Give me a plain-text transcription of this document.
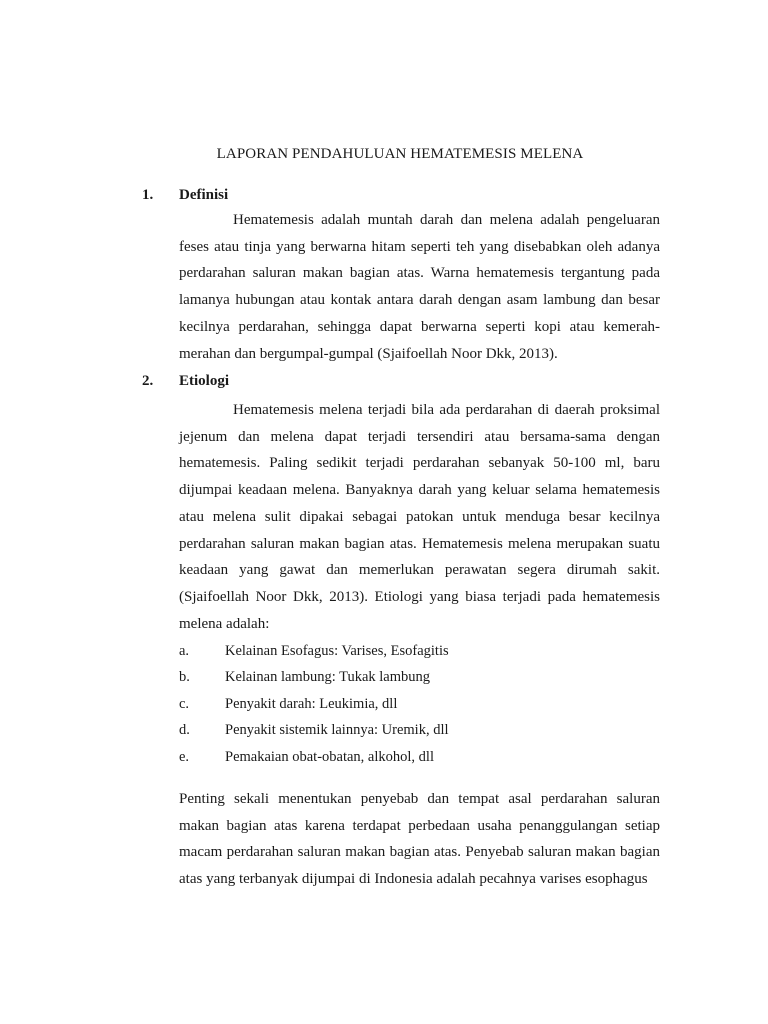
LAPORAN PENDAHULUAN HEMATEMESIS MELENA
1. Definisi
Hematemesis adalah muntah darah dan melena adalah pengeluaran feses atau tinja yang berwarna hitam seperti teh yang disebabkan oleh adanya perdarahan saluran makan bagian atas. Warna hematemesis tergantung pada lamanya hubungan atau kontak antara darah dengan asam lambung dan besar kecilnya perdarahan, sehingga dapat berwarna seperti kopi atau kemerah-merahan dan bergumpal-gumpal (Sjaifoellah Noor Dkk, 2013).
2. Etiologi
Hematemesis melena terjadi bila ada perdarahan di daerah proksimal jejenum dan melena dapat terjadi tersendiri atau bersama-sama dengan hematemesis. Paling sedikit terjadi perdarahan sebanyak 50-100 ml, baru dijumpai keadaan melena. Banyaknya darah yang keluar selama hematemesis atau melena sulit dipakai sebagai patokan untuk menduga besar kecilnya perdarahan saluran makan bagian atas. Hematemesis melena merupakan suatu keadaan yang gawat dan memerlukan perawatan segera dirumah sakit. (Sjaifoellah Noor Dkk, 2013). Etiologi yang biasa terjadi pada hematemesis melena adalah:
a. Kelainan Esofagus: Varises, Esofagitis
b. Kelainan lambung: Tukak lambung
c. Penyakit darah: Leukimia, dll
d. Penyakit sistemik lainnya: Uremik, dll
e. Pemakaian obat-obatan, alkohol, dll
Penting sekali menentukan penyebab dan tempat asal perdarahan saluran makan bagian atas karena terdapat perbedaan usaha penanggulangan setiap macam perdarahan saluran makan bagian atas. Penyebab saluran makan bagian atas yang terbanyak dijumpai di Indonesia adalah pecahnya varises esophagus
